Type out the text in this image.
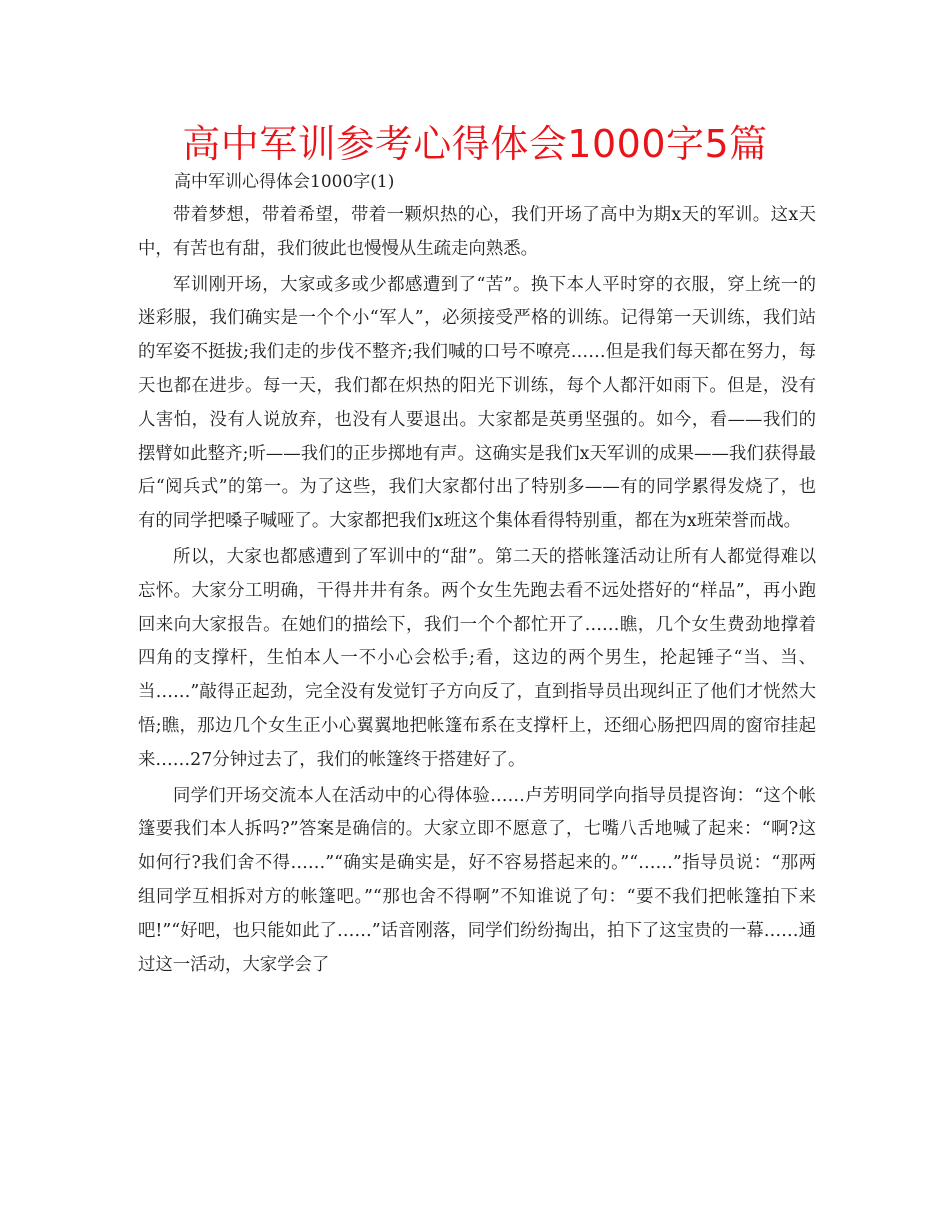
高中军训参考心得体会1000字5篇
高中军训心得体会1000字(1)

带着梦想，带着希望，带着一颗炽热的心，我们开场了高中为期x天的军训。这x天中，有苦也有甜，我们彼此也慢慢从生疏走向熟悉。

军训刚开场，大家或多或少都感遭到了“苦”。换下本人平时穿的衣服，穿上统一的迷彩服，我们确实是一个个小“军人”，必须接受严格的训练。记得第一天训练，我们站的军姿不挺拔;我们走的步伐不整齐;我们喊的口号不嘹亮……但是我们每天都在努力，每天也都在进步。每一天，我们都在炽热的阳光下训练，每个人都汗如雨下。但是，没有人害怕，没有人说放弃，也没有人要退出。大家都是英勇坚强的。如今，看——我们的摆臂如此整齐;听——我们的正步掷地有声。这确实是我们x天军训的成果——我们获得最后“阅兵式”的第一。为了这些，我们大家都付出了特别多——有的同学累得发烧了，也有的同学把嗓子喊哑了。大家都把我们x班这个集体看得特别重，都在为x班荣誉而战。

所以，大家也都感遭到了军训中的“甜”。第二天的搭帐篷活动让所有人都觉得难以忘怀。大家分工明确，干得井井有条。两个女生先跑去看不远处搭好的“样品”，再小跑回来向大家报告。在她们的描绘下，我们一个个都忙开了……瞧，几个女生费劲地撑着四角的支撑杆，生怕本人一不小心会松手;看，这边的两个男生，抡起锤子“当、当、当……”敲得正起劲，完全没有发觉钉子方向反了，直到指导员出现纠正了他们才恍然大悟;瞧，那边几个女生正小心翼翼地把帐篷布系在支撑杆上，还细心肠把四周的窗帘挂起来……27分钟过去了，我们的帐篷终于搭建好了。

同学们开场交流本人在活动中的心得体验……卢芳明同学向指导员提咨询：“这个帐篷要我们本人拆吗?”答案是确信的。大家立即不愿意了，七嘴八舌地喊了起来：“啊?这如何行?我们舍不得……”“确实是确实是，好不容易搭起来的。”“……”指导员说：“那两组同学互相拆对方的帐篷吧。”“那也舍不得啊”不知谁说了句：“要不我们把帐篷拍下来吧!”“好吧，也只能如此了……”话音刚落，同学们纷纷掏出，拍下了这宝贵的一幕……通过这一活动，大家学会了
